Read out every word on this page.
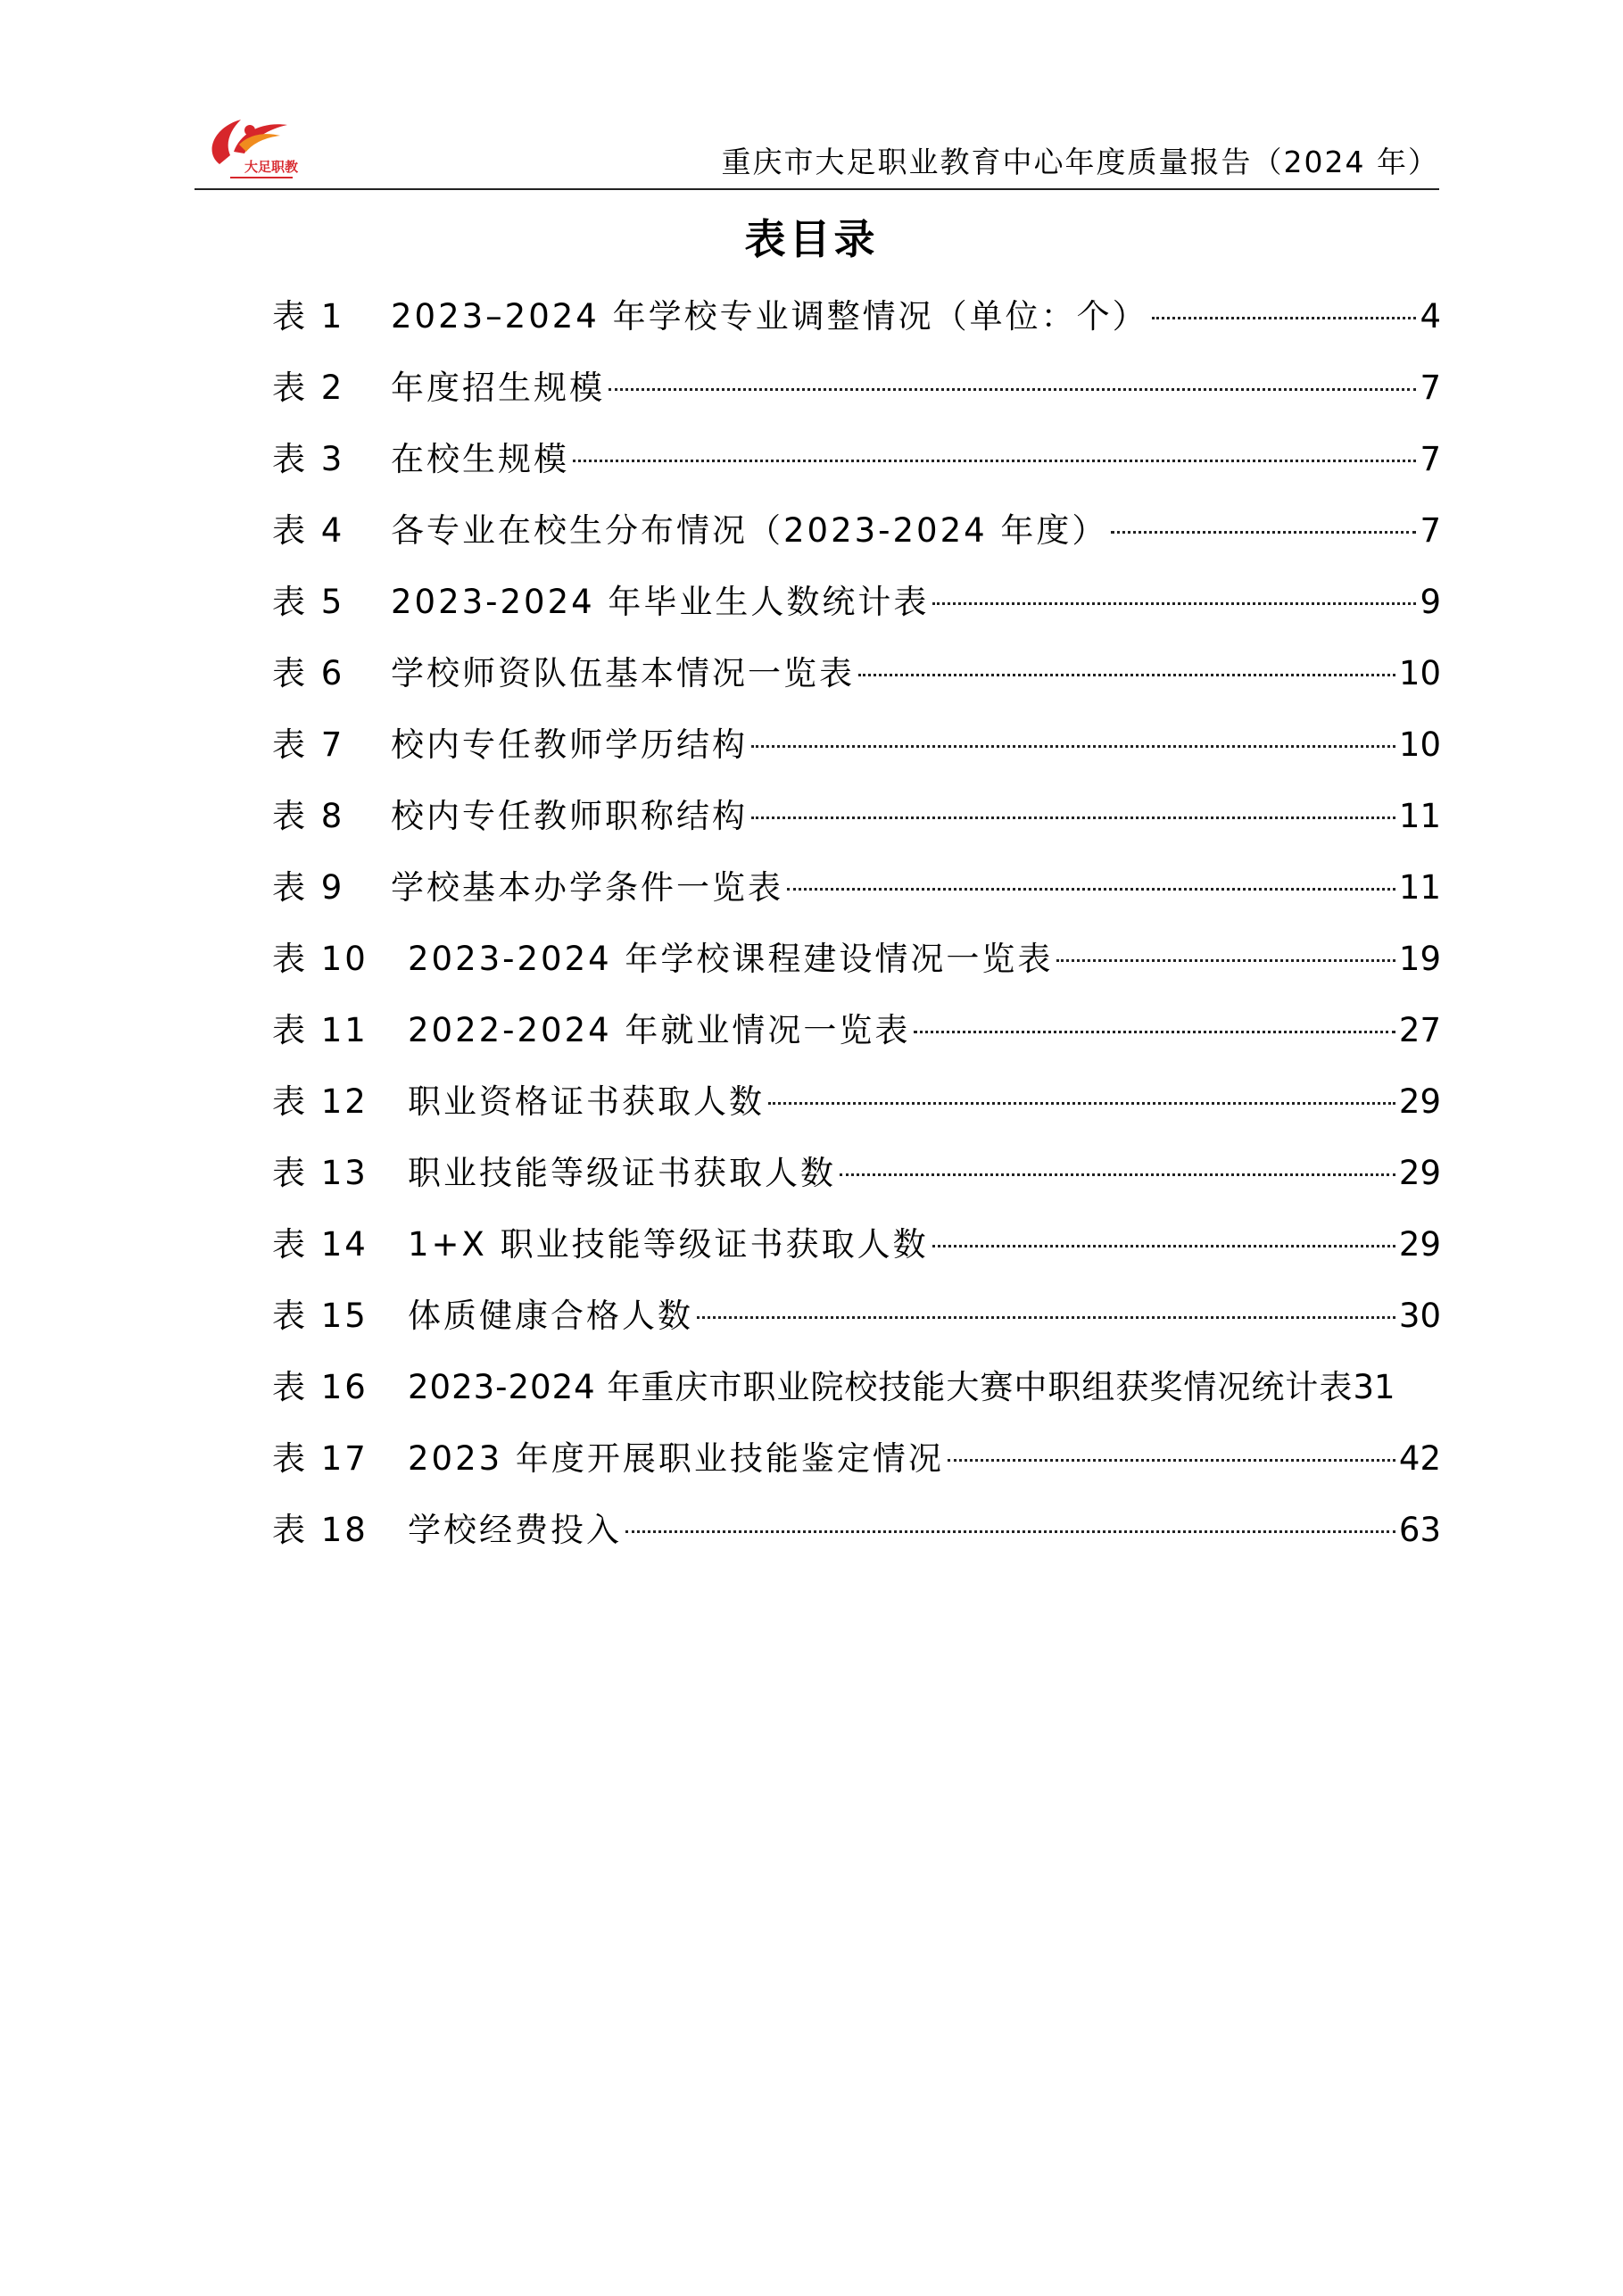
大足职教	重庆市大足职业教育中心年度质量报告（2024 年）
表目录
表 1	2023–2024 年学校专业调整情况（单位：个）	4
表 2	年度招生规模	7
表 3	在校生规模	7
表 4	各专业在校生分布情况（2023-2024 年度）	7
表 5	2023-2024 年毕业生人数统计表	9
表 6	学校师资队伍基本情况一览表	10
表 7	校内专任教师学历结构	10
表 8	校内专任教师职称结构	11
表 9	学校基本办学条件一览表	11
表 10	2023-2024 年学校课程建设情况一览表	19
表 11	2022-2024 年就业情况一览表	27
表 12	职业资格证书获取人数	29
表 13	职业技能等级证书获取人数	29
表 14	1+X 职业技能等级证书获取人数	29
表 15	体质健康合格人数	30
表 16	2023-2024 年重庆市职业院校技能大赛中职组获奖情况统计表 31
表 17	2023 年度开展职业技能鉴定情况	42
表 18	学校经费投入	63
